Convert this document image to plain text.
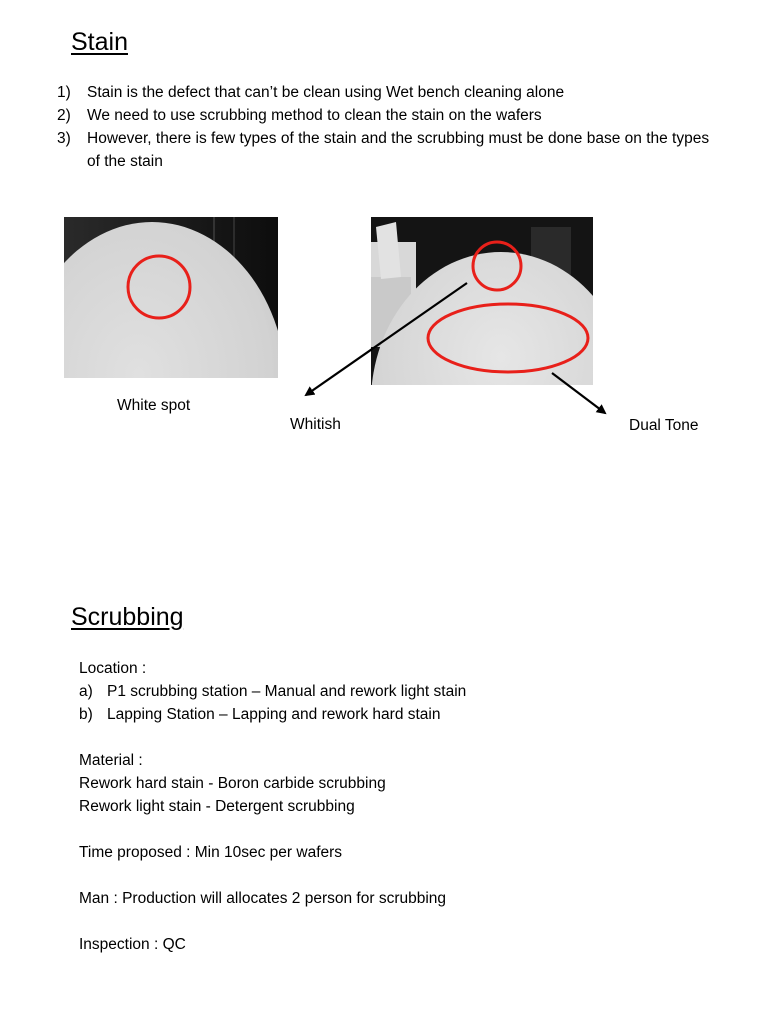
Stain
1)	Stain is the defect that can’t be clean using Wet bench cleaning alone
2)	We need to use scrubbing method to clean the stain on the wafers
3)	However, there is few types of the stain and the scrubbing must be done base on the types of the stain

White spot

Whitish	Dual Tone

Scrubbing

Location :

a) P1 scrubbing station – Manual and rework light stain
b) Lapping Station – Lapping and rework hard stain

Material :

Rework hard stain - Boron carbide scrubbing

Rework light stain - Detergent scrubbing

Time proposed : Min 10sec per wafers

Man : Production will allocates 2 person for scrubbing

Inspection : QC
